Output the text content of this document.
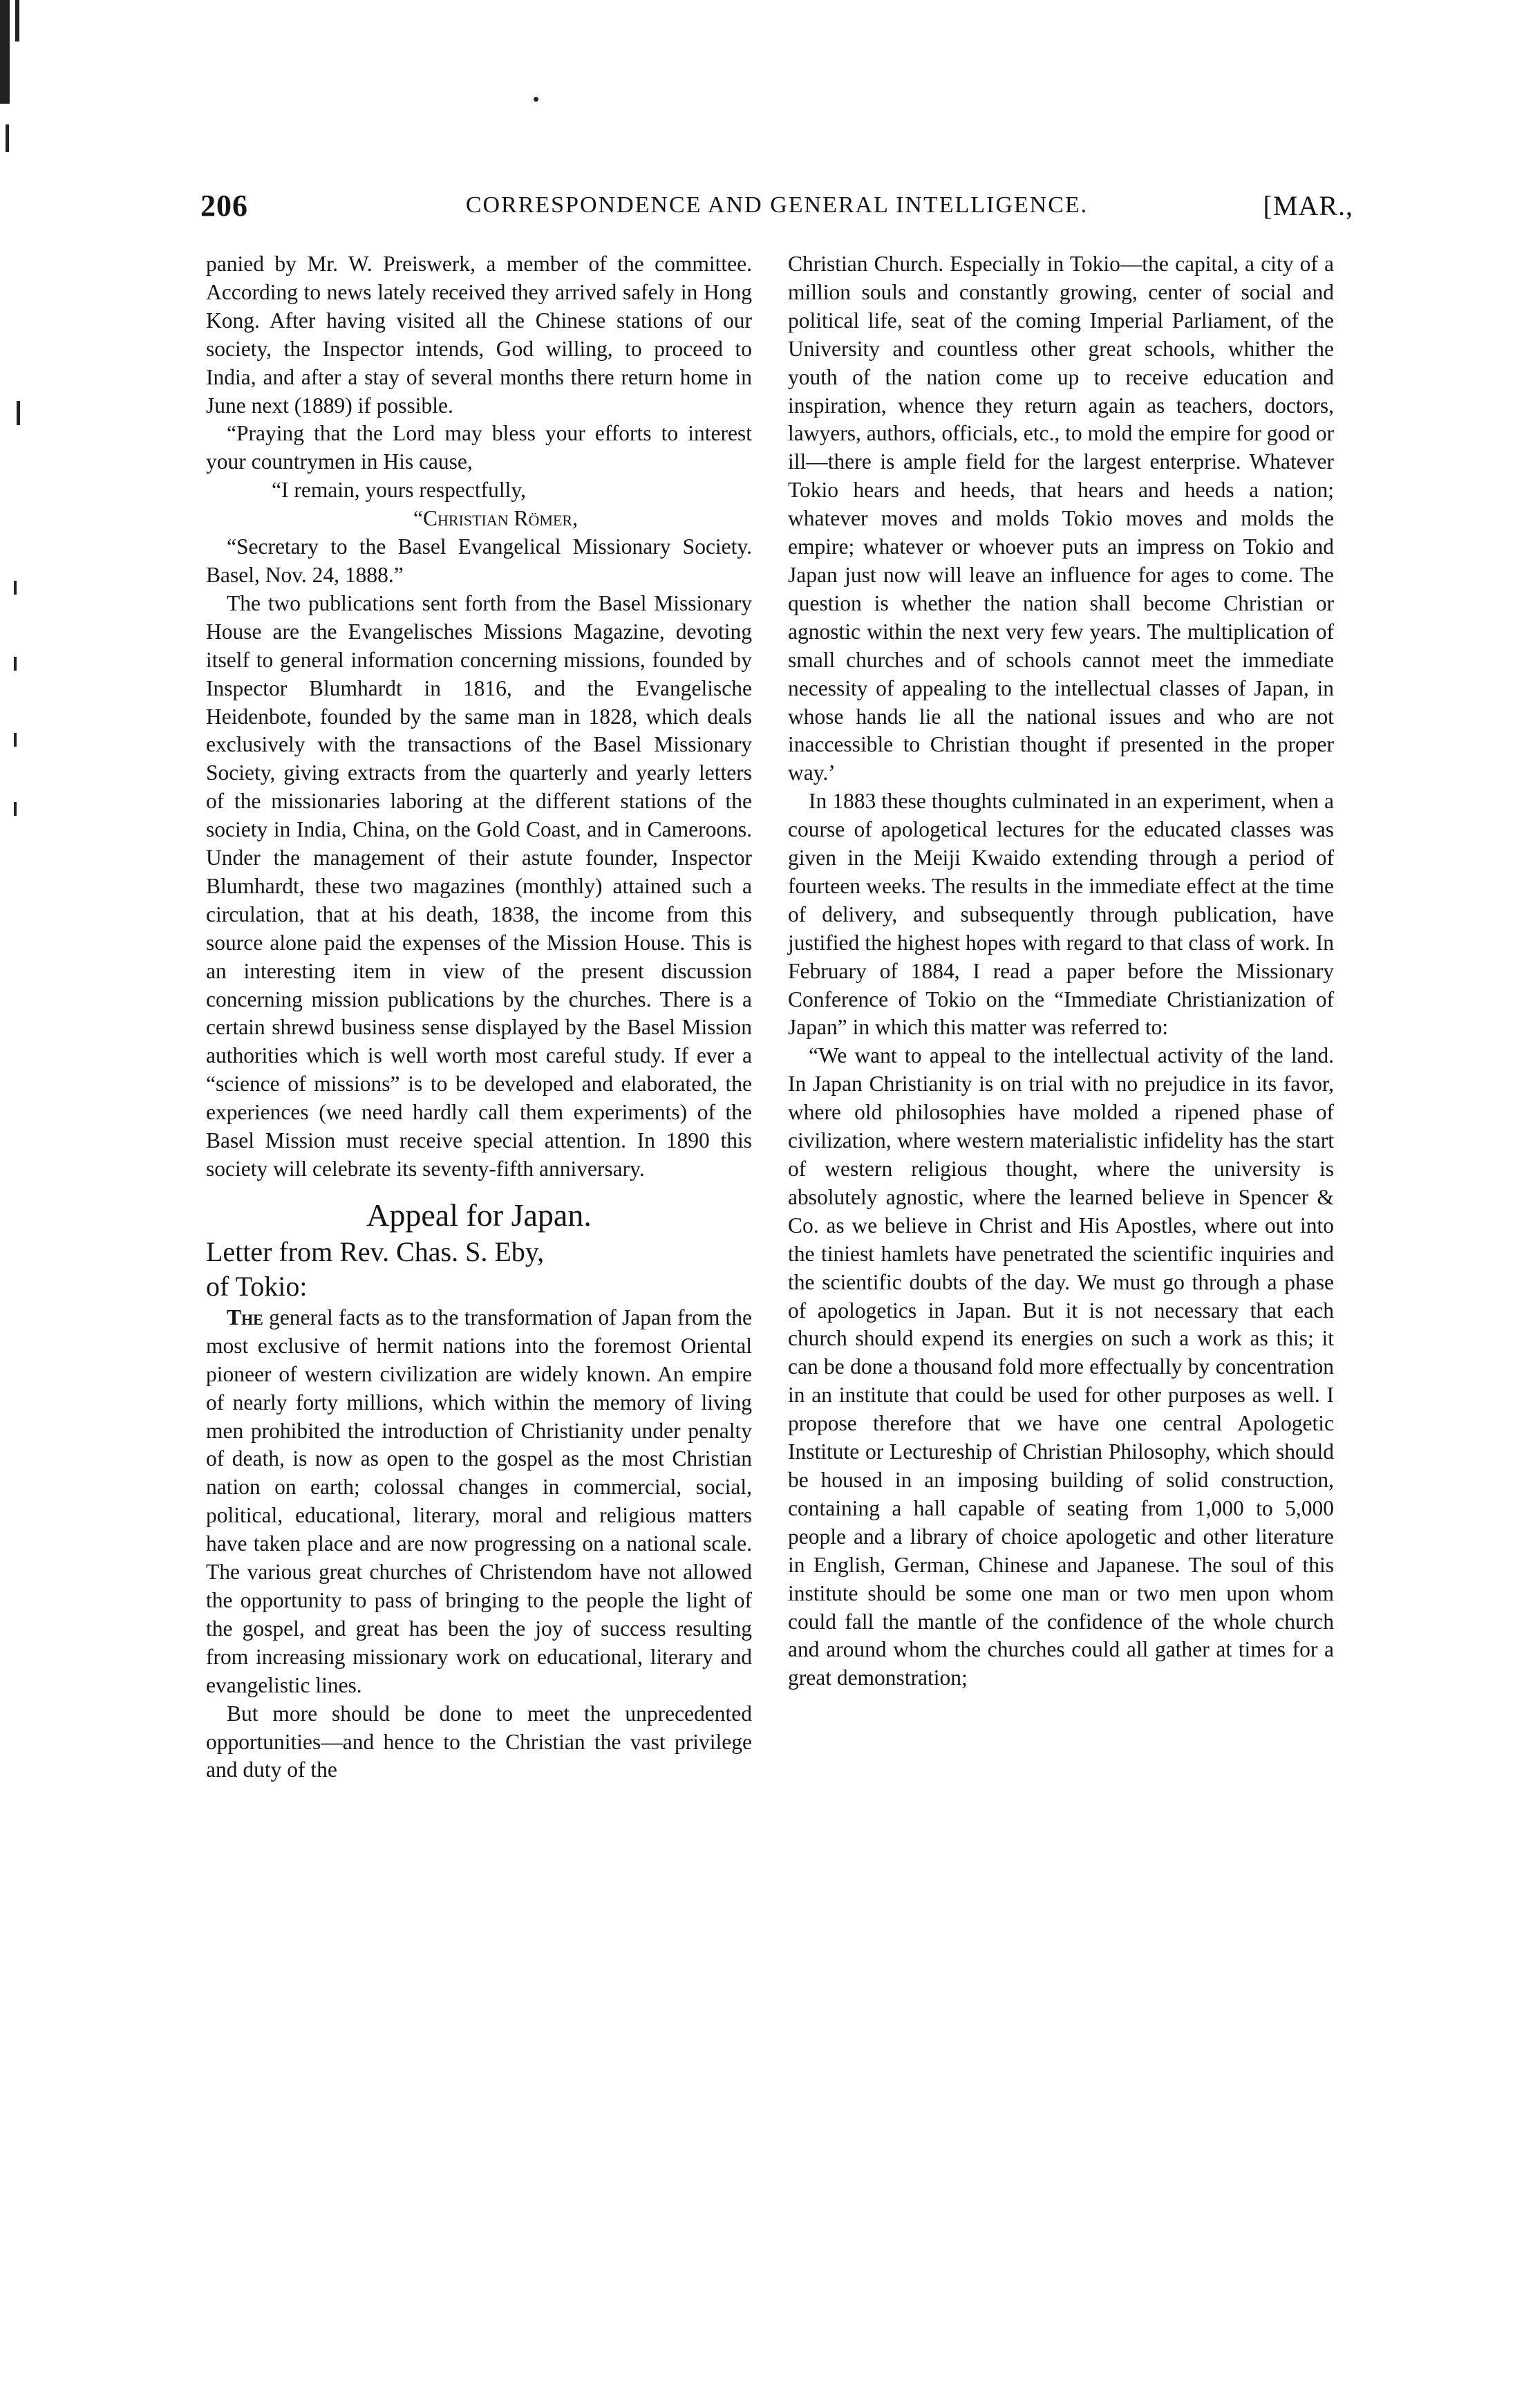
206	CORRESPONDENCE AND GENERAL INTELLIGENCE.	[MAR.,

panied by Mr. W. Preiswerk, a member of the committee. According to news lately received they arrived safely in Hong Kong. After having visited all the Chinese stations of our society, the Inspector intends, God willing, to proceed to India, and after a stay of several months there return home in June next (1889) if possible.

“Praying that the Lord may bless your efforts to interest your countrymen in His cause,

“I remain, yours respectfully,

“Christian Römer,

“Secretary to the Basel Evangelical Missionary Society. Basel, Nov. 24, 1888.”

The two publications sent forth from the Basel Missionary House are the Evangelisches Missions Magazine, devoting itself to general information concerning missions, founded by Inspector Blumhardt in 1816, and the Evangelische Heidenbote, founded by the same man in 1828, which deals exclusively with the transactions of the Basel Missionary Society, giving extracts from the quarterly and yearly letters of the missionaries laboring at the different stations of the society in India, China, on the Gold Coast, and in Cameroons. Under the management of their astute founder, Inspector Blumhardt, these two magazines (monthly) attained such a circulation, that at his death, 1838, the income from this source alone paid the expenses of the Mission House. This is an interesting item in view of the present discussion concerning mission publications by the churches. There is a certain shrewd business sense displayed by the Basel Mission authorities which is well worth most careful study. If ever a “science of missions” is to be developed and elaborated, the experiences (we need hardly call them experiments) of the Basel Mission must receive special attention. In 1890 this society will celebrate its seventy-fifth anniversary.

Appeal for Japan.
Letter from Rev. Chas. S. Eby,
of Tokio:

The general facts as to the transformation of Japan from the most exclusive of hermit nations into the foremost Oriental pioneer of western civilization are widely known. An empire of nearly forty millions, which within the memory of living men prohibited the introduction of Christianity under penalty of death, is now as open to the gospel as the most Christian nation on earth; colossal changes in commercial, social, political, educational, literary, moral and religious matters have taken place and are now progressing on a national scale. The various great churches of Christendom have not allowed the opportunity to pass of bringing to the people the light of the gospel, and great has been the joy of success resulting from increasing missionary work on educational, literary and evangelistic lines.

But more should be done to meet the unprecedented opportunities—and hence to the Christian the vast privilege and duty of the

Christian Church. Especially in Tokio—the capital, a city of a million souls and constantly growing, center of social and political life, seat of the coming Imperial Parliament, of the University and countless other great schools, whither the youth of the nation come up to receive education and inspiration, whence they return again as teachers, doctors, lawyers, authors, officials, etc., to mold the empire for good or ill—there is ample field for the largest enterprise. Whatever Tokio hears and heeds, that hears and heeds a nation; whatever moves and molds Tokio moves and molds the empire; whatever or whoever puts an impress on Tokio and Japan just now will leave an influence for ages to come. The question is whether the nation shall become Christian or agnostic within the next very few years. The multiplication of small churches and of schools cannot meet the immediate necessity of appealing to the intellectual classes of Japan, in whose hands lie all the national issues and who are not inaccessible to Christian thought if presented in the proper way.’

In 1883 these thoughts culminated in an experiment, when a course of apologetical lectures for the educated classes was given in the Meiji Kwaido extending through a period of fourteen weeks. The results in the immediate effect at the time of delivery, and subsequently through publication, have justified the highest hopes with regard to that class of work. In February of 1884, I read a paper before the Missionary Conference of Tokio on the “Immediate Christianization of Japan” in which this matter was referred to:

“We want to appeal to the intellectual activity of the land. In Japan Christianity is on trial with no prejudice in its favor, where old philosophies have molded a ripened phase of civilization, where western materialistic infidelity has the start of western religious thought, where the university is absolutely agnostic, where the learned believe in Spencer & Co. as we believe in Christ and His Apostles, where out into the tiniest hamlets have penetrated the scientific inquiries and the scientific doubts of the day. We must go through a phase of apologetics in Japan. But it is not necessary that each church should expend its energies on such a work as this; it can be done a thousand fold more effectually by concentration in an institute that could be used for other purposes as well. I propose therefore that we have one central Apologetic Institute or Lectureship of Christian Philosophy, which should be housed in an imposing building of solid construction, containing a hall capable of seating from 1,000 to 5,000 people and a library of choice apologetic and other literature in English, German, Chinese and Japanese. The soul of this institute should be some one man or two men upon whom could fall the mantle of the confidence of the whole church and around whom the churches could all gather at times for a great demonstration;
